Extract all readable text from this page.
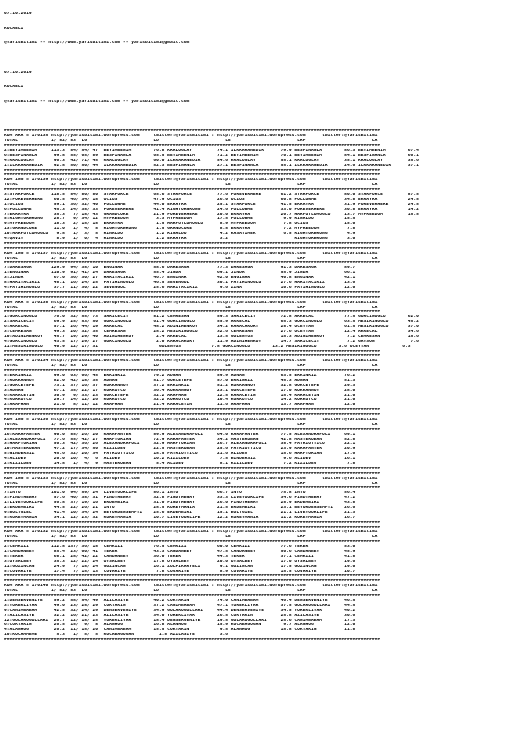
07.10.2019

KOCAELI

@YarisBilimi -- http://www.yarisbilimi.com -- yarisbilimi@gmail.com

07.10.2019

KOCAELI

@YarisBilimi -- http://www.yarisbilimi.com -- yarisbilimi@gmail.com

########################################################################################################################################
KUM ARA = 170135 http://yarisbilimi.wordpress.com     twitter:@YarisBilimi : http://yarisbilimi.wordpress.com      twitter:@YarisBilimi
TOTAL            1/ 82/ 83  LG                        LD                        LE                        LRF                        LA
########################################################################################################################################
2:BEYIMBENIM     113.3  84/ 54/ 47  BEYIMBENIM        76.8 KRALOGLAY         74.1 ILKKARANEDIR      79.9 BESFINANLA        86.3 BEYIMBENIM        67.4
6:BESFINANLA      99.8  55/ 65/ 89  BESFINANLA        65.5 BEYIMBENIM        71.2 BEYIMBENIM        70.1 BEYIMBENIM        84.1 BESFINANLA        66.1
4:KRALOGLAY       96.3  42/ 71/ 45  KRALOGLAY         60.0 ILKKARANEDIR      54.6 KRALOGLAY         55.1 KRALOGLAY         35.1 KRALOGLAY         35.6
1:ILKKARANEDIR    92.8  50/ 50/ 44  ILKKARANEDIR      52.3 BESFINANLA        27.1 BESFINANLA        55.1 ILKKARANEDIR      24.6 ILKKARANEDIR      37.1
########################################################################################################################################
########################################################################################################################################
KUM ING = 170139 http://yarisbilimi.wordpress.com     twitter:@YarisBilimi : http://yarisbilimi.wordpress.com      twitter:@YarisBilimi
TOTAL            1/ 82/ 83  LG                        LD                        LE                        LRF                        LA
########################################################################################################################################
3:STARFORCE      118.5  84/ 80/ 80  STARFORCE         65.6 STARFORCE         77.6 FOREVERHERE       61.2 STARFORCE         80.0 STARFORCE         87.5
12:FOREVERHERE    60.5  46/ 34/ 18  OCIUS             47.9 OCIUS             26.0 OCIUS             60.8 FOLLOWME          34.8 EKRAYRA           24.5
1:OCIUS           59.1  36/ 32/ 40  FOLLOWME          44.0 EKRAYRA           25.1 STARFORCE         41.5 EKRAYRA           31.9 FOREVERHERE       24.5
6:FOLLOWME        45.3  24/ 38/ 33  FOREVERHERE       41.4 RIGHTORWRONG      24.6 FOLLOWME          33.0 FOREVERHERE       30.8 EKRAYRA           14.2
7:EKRAYRA         35.3   7/ 18/ 43  GRANDCOKE         21.9 FOREVERHERE       20.0 EKRAYRA           20.7 HARPUTLUMOGLU     13.7 MYFREEDOM         15.5
5:RIGHTORWRONG    28.7   9/ 34/ 12  MYFREEDOM          3.3 MYFREEDOM         17.5 FOLLOWME           9.9 RINALDO           15.5
9:MYFREEDOM       18.3   2/ 15/ 18  EKRAYRA            1.5 HARPUTLUMOGLU      8.9 MYFREEDOM          7.8 OCIUS             15.0
13:GRANDCOKE      11.0   1/  4/  8  RIGHTORWRONG       1.5 GRANDCOKE          8.8 EKRAYRA            7.2 MYFREEDOM          7.8
10:HARPUTLUMOGLU   9.8   1/  3/  5  RINALDO            1.2 RINALDO            4.2 KASATIMEK          6.5 RIGHTORWRONG       4.9
4:QAVIY            8.9   1/  0/  4  RINALDO            1.2 EKRAYRA            3.2                        RIGHTORWRONG       3.0
########################################################################################################################################
########################################################################################################################################
KUM ING = 170137 http://yarisbilimi.wordpress.com     twitter:@YarisBilimi : http://yarisbilimi.wordpress.com      twitter:@YarisBilimi
TOTAL            1/ 82/ 83  LG                        LD                        LE                        LRF                        LA
########################################################################################################################################
7:DARESAGA       129.9  94/ 38/ 10  ENGINAR           58.6 DARESAGA          77.3 DARESAGA          91.3 DARESAGA          89.7
1:ENGINAR        110.9  91/ 41/ 24  DARESAGA          55.4 JINDA             69.1 JINDA             55.9 JINDA             66.1
3:JINDA           67.0  36/ 30/ 27  HARITACIKIZ       46.7 ENGINAR           42.0 ENGINAR           40.8 ENGINAR           42.1
8:HARITACIKIZ     48.1  16/ 24/ 25  FATIHINOGLU       46.5 SEVENGUL          30.1 FATIHINOGLU       27.6 HARITACIKIZ       13.6
4:FATIHINOGLU     37.7  11/ 30/ 22  SEVENGUL          25.6 HARITACIKIZ        9.6 ZINA              10.6 FATIHINOGLU       12.0
########################################################################################################################################
########################################################################################################################################
KUM ARA = 170138 http://yarisbilimi.wordpress.com     twitter:@YarisBilimi : http://yarisbilimi.wordpress.com      twitter:@YarisBilimi
TOTAL            1/ 82/ 83  LG                        LD                        LE                        LRF                        LA
########################################################################################################################################
1:GURCINOGLU      76.0  32/ 55/ 73  SARICECIT         81.2 CEMRESAN          59.3 SARICECIT         72.8 AKKECAL           77.5 GURCINOGLU        62.0
2:SARICECIT       69.9  25/ 53/ 50  GURCINOGLU        61.4 GURCINOGLU        55.9 AKKECAL           65.3 GURCINOGLU        63.5 MESIRINOGLU       45.2
6:AKKECAL         57.1  26/ 44/ 19  AKKECAL           48.2 ADINIHENKOY       34.2 KARACAKURT        28.4 OCEYTAN           61.5 MESIRINOGLU       37.0
3:CEMRESAN        49.3  20/ 32/ 35  CEMRESAN          28.2 MESIRINOGLU       32.6 CEMRESAN          27.6 OCEYTAN           12.4 AKKECAL           34.6
10:ADINIHENKOY    45.7  19/ 29/ 40  ADINIHENKOY        2.4 AKKECAL           13.5 GOLENYUS          15.3 ADINIHENKOY        7.2 CEMRESAN          15.6
4:GURCINOGLU      43.5  17/ 29/ 27  GURCINOGLU         2.0 KARACAKURT        11.9 ADINIHENKOY       14.7 SARICECIT          7.2 GAYSON             7.6
11:MESIRINOGLU    40.9  12/ 17/ 31                      GOLENYUS           7.8 GURCINOGLU        13.2 MESIRINOGLU        3.6 OCEYTAN            6.3
########################################################################################################################################
########################################################################################################################################
KUM ARA = 170134 http://yarisbilimi.wordpress.com     twitter:@YarisBilimi : http://yarisbilimi.wordpress.com      twitter:@YarisBilimi
TOTAL            1/ 82/ 83  LG                        LD                        LE                        LRF                        LA
########################################################################################################################################
5:ERKINKIZ        99.0  63/ 66/ 45  ERKINKIZ          79.2 ADNAN             59.9 ADNAN             63.5 ERKINKIZ          76.2
7:RUKKANNOY       82.0  42/ 18/ 35  ADNAN             51.7 GOKCETEPE         57.0 ERKINKIZ          45.3 ADNAN             51.3
1:GOKCETEPE       73.1  37/ 16/ 37  RUKKANNOY         37.2 ERKINKIZ          51.2 RUKKANNOY         32.8 GOKCETEPE         29.3
3:ADNAN           67.1  35/ 22/ 17  KORKUTCU          36.4 RUKKANNOY         23.1 GOKCETEPE         17.0 RUKKANNOY         28.0
6:KARACETIN       30.9   9/ 33/ 23  GOKCETEPE         32.2 ARAPHAN           12.5 KARACETIN         15.4 KARACETIN         21.0
4:KORKUTCU        29.7  14/ 12/ 26  KORKUTCU          32.2 KORKUTCU          10.4 KORKUTCU          14.2 KORKUTCU          21.0
2:ARAPHAN         21.0   8/ 11/ 12  ARAPHAN           21.4 KARACETIN         11.6 ARAPHAN           13.7 ARAPHAN           12.0
########################################################################################################################################
########################################################################################################################################
KUM ING = 170136 http://yarisbilimi.wordpress.com     twitter:@YarisBilimi : http://yarisbilimi.wordpress.com      twitter:@YarisBilimi
TOTAL            1/ 82/ 83  LG                        LD                        LE                        LRF                        LA
########################################################################################################################################
16:KARAPANTER     90.0  85/ 26/ 20  KARAPANTER        89.9 ALEXANDRAPOLI     64.0 KARAPANTER        77.5 ALEXANDRAPOLI     69.1
1:ALEXANDRAPOLI   77.6  55/ 42/ 27  HARPTORIAN        72.9 KARAPANTER        34.2 MASTERUBAN        42.8 MASTERUBAN        52.8
3:HARPTORIAN      56.3  42/ 36/ 26  ALEXANDRAPOLI     32.9 HARPTORIAN        26.7 ALEXANDRAPOLI     38.4 PATRIOTTICO       22.1
10:MASTERUBAN     47.2  17/ 34/ 50  KIZILDEV          22.5 MASTERUBAN        25.6 PATRIOTTICO       23.9 KARAPANTER        20.9
5:WINDERSIZ       45.6  32/ 20/ 34  PATRIOTTICO       18.5 PATRIOTTICO       21.6 ALIDEV            15.6 HARPTORIAN        17.6
4:ALIDEV          20.0  10/  4/  6  ALIDEV            10.2 KIZILDEV           7.5 WINDERSIZ          9.6 ALIDEV            16.1
2:KIZILDEV        14.8   1/  4/  9  MASTERUBAN         5.4 ALIDEV             8.1 KIZILDEV           7.2 KIZILDEV           7.8
########################################################################################################################################
########################################################################################################################################
KUM ING = 170133 http://yarisbilimi.wordpress.com     twitter:@YarisBilimi : http://yarisbilimi.wordpress.com      twitter:@YarisBilimi
TOTAL            1/ 82/ 83  LG                        LD                        LE                        LRF                        LA
########################################################################################################################################
7:INTO           101.0  94/ 59/ 24  LIVEYOURLIFE      86.1 INTO              66.7 INTO              75.8 INTO              56.4
3:FINDTHEWAY      57.6  40/ 38/ 31  FINDTHEWAY        32.8 FINDTHEWAY        33.3 LIVEYOURLIFE      34.6 FINDTHEWAY        47.2
1:LIVEYOURLIFE    56.8  37/ 19/ 16  ERDEMBIRI         31.0 FINDTHEWAY        26.0 FINDTHEWAY        28.9 ERDEMBIRI         43.8
2:ERDEMBIRI       44.5  22/ 26/ 21  INTO              28.5 KUREYMANIA        21.5 ERDEMBIRI         23.1 BEYORDENSEMPTI    26.6
9:BOLTGIEL        41.4  10/ 34/ 24  BEYORDENSEMPTI    25.6 ERDEMBIRI         15.1 BOLTGIEL          21.1 LIVEYOURLIFE      21.3
5:KUREYMANIA      34.1  12/ 23/ 32  KUREYMANIA        10.7 LIVEYOURLIFE      12.2 KUREYMANIA        11.2 KUREYMANIA        16.7
########################################################################################################################################
########################################################################################################################################
KUM ARA = 170132 http://yarisbilimi.wordpress.com     twitter:@YarisBilimi : http://yarisbilimi.wordpress.com      twitter:@YarisBilimi
TOTAL            1/ 82/ 83  LG                        LD                        LE                        LRF                        LA
########################################################################################################################################
2:CEMKIZI        112.8 137/ 36/ 18  CEMKIZI           76.5 CEMKIZI           60.0 CEMKIZI           77.6 TEKER             53.0
1:CANDANBEY       85.4  23/ 60/ 41  TEKER             43.3 CANDANBEY         47.5 CANDANBEY         50.6 CANDANBEY         45.9
8:TEKER           68.1  28/ 42/ 22  CANDANBEY         36.0 TEKER             44.3 TEKER             37.1 CEMKIZI           41.8
3:UYSALBEY        35.3  12/ 22/ 24  UYSALBEY          17.8 UYSALBEY          20.0 UYSALBEY          17.0 UYSALBEY          19.6
11:GUZINCAN       24.9   7/ 18/ 24  GUZINCAN          16.1 ZULFIKARYELI       9.1 GUZINCAN          17.5 GUZINCAN          19.0
5:COVARIYE        17.4   7/ 15/ 13  COVARIYE           7.8 COVARIYE           8.9 COVARIYE          15.5 COVARIYE          10.7
########################################################################################################################################
########################################################################################################################################
KUM ARA = 170140 http://yarisbilimi.wordpress.com     twitter:@YarisBilimi : http://yarisbilimi.wordpress.com      twitter:@YarisBilimi
TOTAL            1/ 82/ 83  LG                        LD                        LE                        LRF                        LA
########################################################################################################################################
1:DENSERVENIYE    59.2  58/ 54/ 49  AZILASIYE         40.2 COKTAKIN          74.0 CANIMBABAM        46.4 DENSERVENIYE      46.5
3:YUREKLIYAR      49.0  23/ 28/ 29  COKTAKIN          37.2 CANIMBABAM        47.1 YUREKLIYAR        37.5 GULAROGULLARI     44.5
9:CANIMBABAM      42.5  32/ 24/ 29  DENSERVENIYE      34.9 GULAROGULLARI     44.4 DENSERVENIYE      34.5 YUREKLIYAR        40.2
7:AZILASIYE       32.2  16/ 21/ 23  AZILASIYE         34.0 YUREKLIYAR        26.5 COKTAKIN          25.8 AZILASIYE         30.6
12:GULAROGULLARI  26.7  12/ 18/ 25  YUREKLIYAR        18.4 DENSERVENIYE      19.5 GULAROGULLARI     25.6 CANIMBABAM        17.3
6:COKTAKIN        26.5  15/  9/  8  ALANHOG           16.8 ALANHOG           15.9 KOCABAGOGAN        9.7 ALANHOG           12.0
4:ALANHOG         26.2  11/ 15/ 20  CANIMBABAM        15.5 COKTAKIN           9.5 ALANHOG           15.8 COKTAKIN          11.8
10:KOCAMMEME       5.3   1/  5/  5  KOCABAGOGAN         1.8 AZILASIYE         3.6
########################################################################################################################################
